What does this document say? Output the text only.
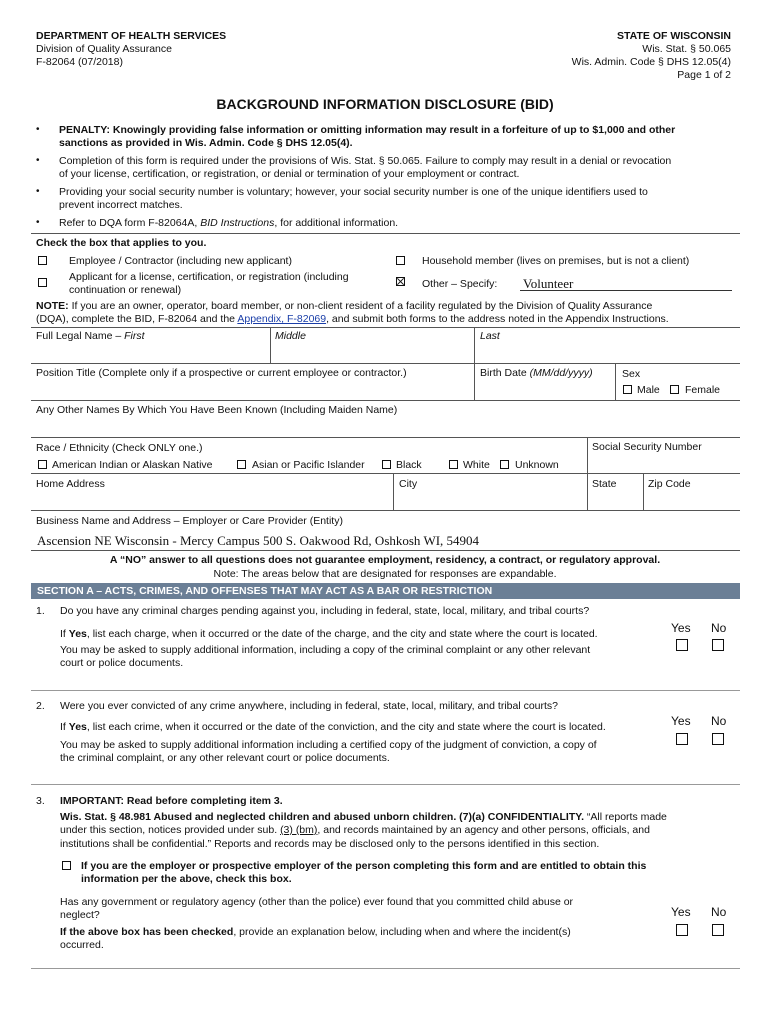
DEPARTMENT OF HEALTH SERVICES
Division of Quality Assurance
F-82064 (07/2018)
STATE OF WISCONSIN
Wis. Stat. § 50.065
Wis. Admin. Code § DHS 12.05(4)
Page 1 of 2
BACKGROUND INFORMATION DISCLOSURE (BID)
• PENALTY: Knowingly providing false information or omitting information may result in a forfeiture of up to $1,000 and other
sanctions as provided in Wis. Admin. Code § DHS 12.05(4).
• Completion of this form is required under the provisions of Wis. Stat. § 50.065. Failure to comply may result in a denial or revocation
of your license, certification, or registration, or denial or termination of your employment or contract.
• Providing your social security number is voluntary; however, your social security number is one of the unique identifiers used to
prevent incorrect matches.
• Refer to DQA form F-82064A, BID Instructions, for additional information.
Check the box that applies to you.
Employee / Contractor (including new applicant)
Applicant for a license, certification, or registration (including
continuation or renewal)
Household member (lives on premises, but is not a client)
Other – Specify: Volunteer
NOTE: If you are an owner, operator, board member, or non-client resident of a facility regulated by the Division of Quality Assurance
(DQA), complete the BID, F-82064 and the Appendix, F-82069, and submit both forms to the address noted in the Appendix Instructions.
Full Legal Name – First	Middle	Last
Position Title (Complete only if a prospective or current employee or contractor.)	Birth Date (MM/dd/yyyy)	Sex
Male Female
Any Other Names By Which You Have Been Known (Including Maiden Name)
Race / Ethnicity (Check ONLY one.)	Social Security Number
American Indian or Alaskan Native	Asian or Pacific Islander	Black	White Unknown
Home Address	City	State	Zip Code
Business Name and Address – Employer or Care Provider (Entity)
Ascension NE Wisconsin - Mercy Campus 500 S. Oakwood Rd, Oshkosh WI, 54904
A “NO” answer to all questions does not guarantee employment, residency, a contract, or regulatory approval.
Note: The areas below that are designated for responses are expandable.
SECTION A – ACTS, CRIMES, AND OFFENSES THAT MAY ACT AS A BAR OR RESTRICTION
1. Do you have any criminal charges pending against you, including in federal, state, local, military, and tribal courts?
If Yes, list each charge, when it occurred or the date of the charge, and the city and state where the court is located.
You may be asked to supply additional information, including a copy of the criminal complaint or any other relevant
court or police documents.
Yes No
2. Were you ever convicted of any crime anywhere, including in federal, state, local, military, and tribal courts?
If Yes, list each crime, when it occurred or the date of the conviction, and the city and state where the court is located.
You may be asked to supply additional information including a certified copy of the judgment of conviction, a copy of
the criminal complaint, or any other relevant court or police documents.
Yes No
3. IMPORTANT: Read before completing item 3.
Wis. Stat. § 48.981 Abused and neglected children and abused unborn children. (7)(a) CONFIDENTIALITY. “All reports made
under this section, notices provided under sub. (3) (bm), and records maintained by an agency and other persons, officials, and
institutions shall be confidential.” Reports and records may be disclosed only to the persons identified in this section.
If you are the employer or prospective employer of the person completing this form and are entitled to obtain this
information per the above, check this box.
Has any government or regulatory agency (other than the police) ever found that you committed child abuse or
neglect?
If the above box has been checked, provide an explanation below, including when and where the incident(s)
occurred.
Yes No
